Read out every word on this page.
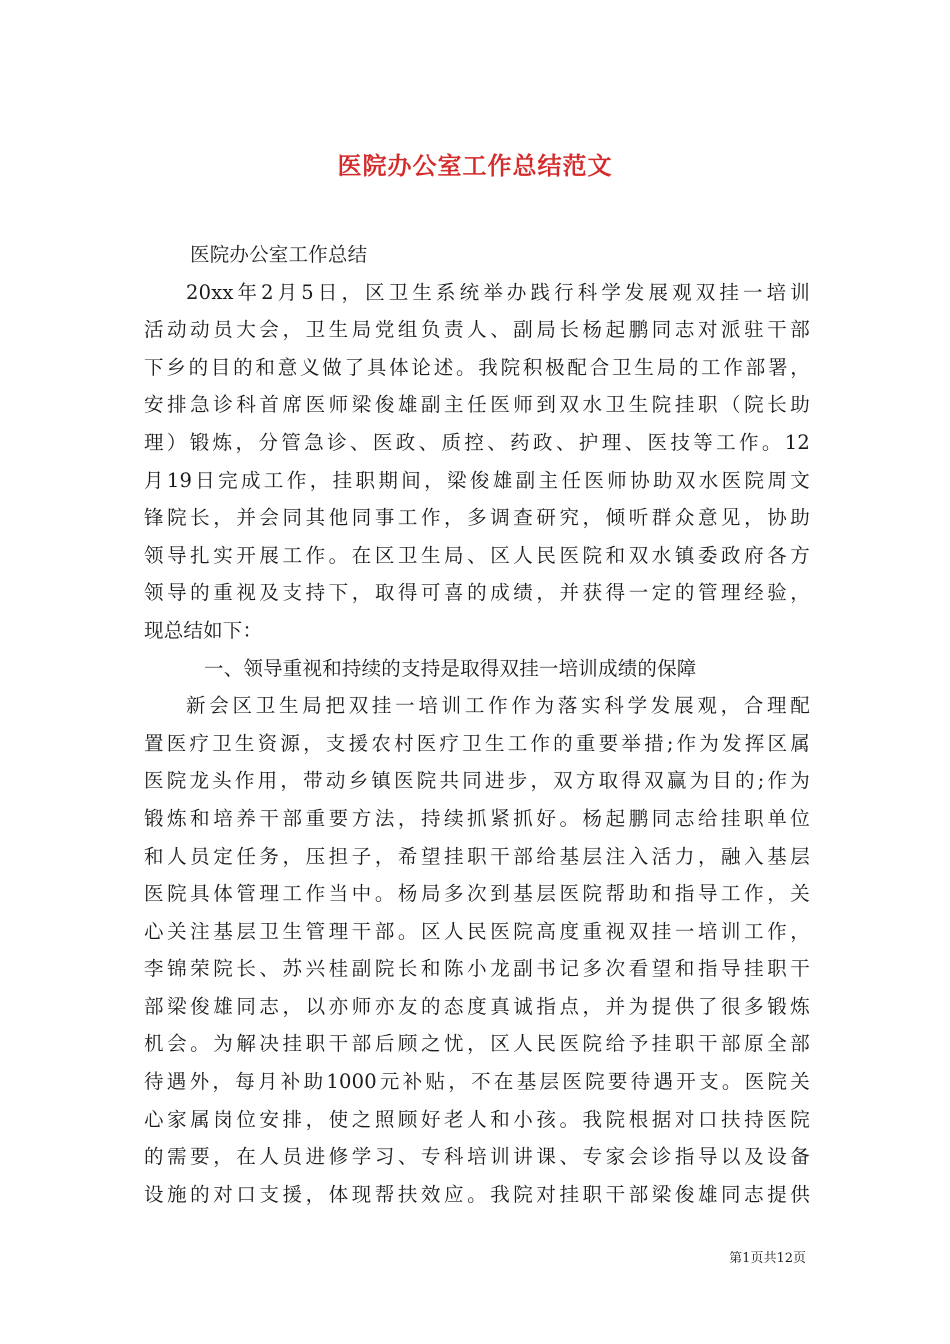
医院办公室工作总结范文
医院办公室工作总结
20xx年2月5日，区卫生系统举办践行科学发展观双挂一培训
活动动员大会，卫生局党组负责人、副局长杨起鹏同志对派驻干部
下乡的目的和意义做了具体论述。我院积极配合卫生局的工作部署，
安排急诊科首席医师梁俊雄副主任医师到双水卫生院挂职（院长助
理）锻炼，分管急诊、医政、质控、药政、护理、医技等工作。12
月19日完成工作，挂职期间，梁俊雄副主任医师协助双水医院周文
锋院长，并会同其他同事工作，多调查研究，倾听群众意见，协助
领导扎实开展工作。在区卫生局、区人民医院和双水镇委政府各方
领导的重视及支持下，取得可喜的成绩，并获得一定的管理经验，
现总结如下：
一、领导重视和持续的支持是取得双挂一培训成绩的保障
新会区卫生局把双挂一培训工作作为落实科学发展观，合理配
置医疗卫生资源，支援农村医疗卫生工作的重要举措;作为发挥区属
医院龙头作用，带动乡镇医院共同进步，双方取得双赢为目的;作为
锻炼和培养干部重要方法，持续抓紧抓好。杨起鹏同志给挂职单位
和人员定任务，压担子，希望挂职干部给基层注入活力，融入基层
医院具体管理工作当中。杨局多次到基层医院帮助和指导工作，关
心关注基层卫生管理干部。区人民医院高度重视双挂一培训工作，
李锦荣院长、苏兴桂副院长和陈小龙副书记多次看望和指导挂职干
部梁俊雄同志，以亦师亦友的态度真诚指点，并为提供了很多锻炼
机会。为解决挂职干部后顾之忧，区人民医院给予挂职干部原全部
待遇外，每月补助1000元补贴，不在基层医院要待遇开支。医院关
心家属岗位安排，使之照顾好老人和小孩。我院根据对口扶持医院
的需要，在人员进修学习、专科培训讲课、专家会诊指导以及设备
设施的对口支援，体现帮扶效应。我院对挂职干部梁俊雄同志提供
第1页共12页
